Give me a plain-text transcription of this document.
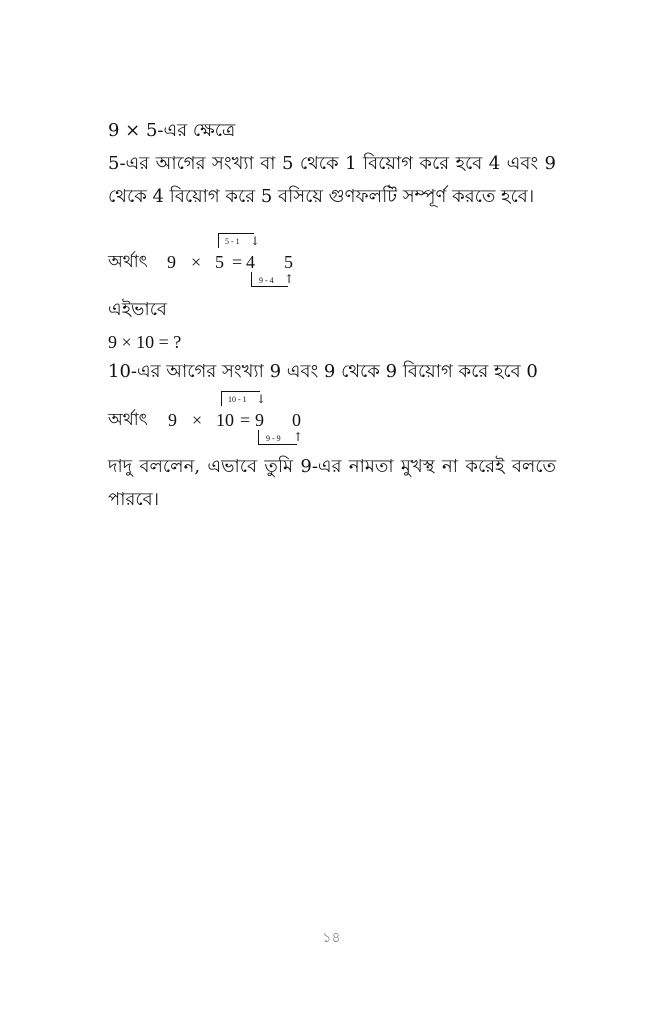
9 × 5-এর ক্ষেত্রে
5-এর আগের সংখ্যা বা 5 থেকে 1 বিয়োগ করে হবে 4 এবং 9 থেকে 4 বিয়োগ করে 5 বসিয়ে গুণফলটি সম্পূর্ণ করতে হবে।
অর্থাৎ 9 × 5 = 4 5
5 - 1 ↓
9 - 4 ↑
এইভাবে
9 × 10 = ?
10-এর আগের সংখ্যা 9 এবং 9 থেকে 9 বিয়োগ করে হবে 0
অর্থাৎ 9 × 10 = 9 0
10 - 1 ↓
9 - 9 ↑
দাদু বললেন, এভাবে তুমি 9-এর নামতা মুখস্থ না করেই বলতে পারবে।
১৪
